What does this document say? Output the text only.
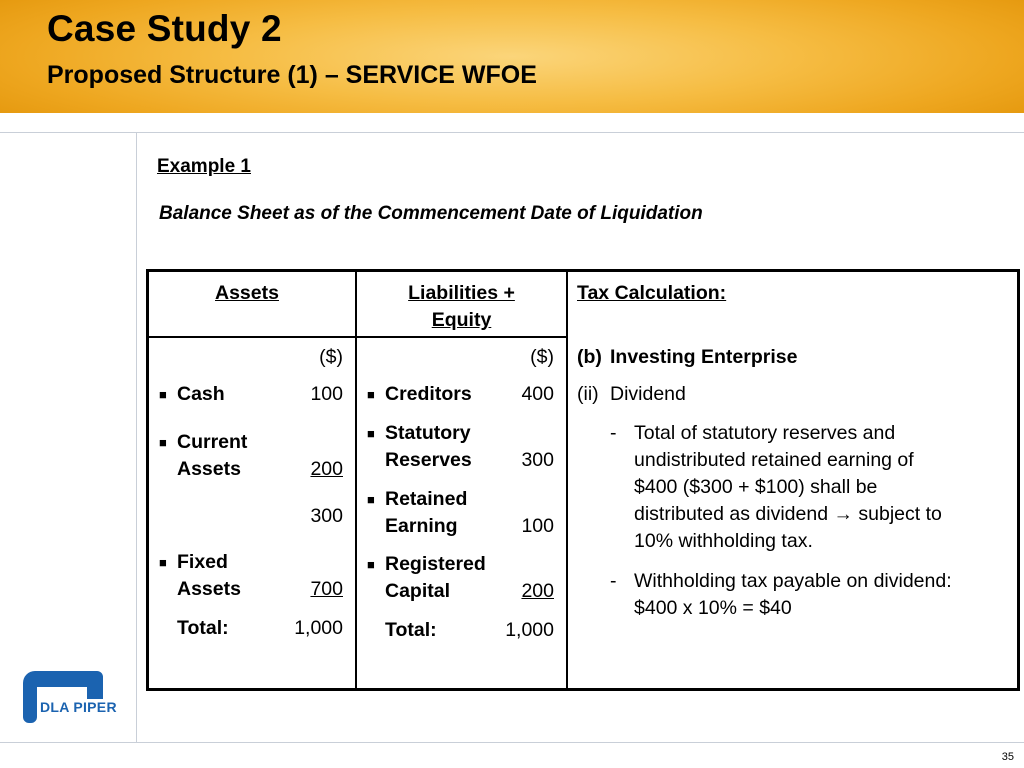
Case Study 2
Proposed Structure (1) – SERVICE WFOE
Example 1
Balance Sheet as of the Commencement Date of Liquidation
Assets
($)
■ Cash	100
■ Current
Assets	200
300
■ Fixed
Assets	700
Total:	1,000
Liabilities +
Equity
($)
■ Creditors	400
■ Statutory
Reserves	300
■ Retained
Earning	100
■ Registered
Capital	200
Total:	1,000
Tax Calculation:
(b) Investing Enterprise
(ii) Dividend
- Total of statutory reserves and
undistributed retained earning of
$400 ($300 + $100) shall be
distributed as dividend → subject to
10% withholding tax.
- Withholding tax payable on dividend:
$400 x 10% = $40
DLA PIPER
35
